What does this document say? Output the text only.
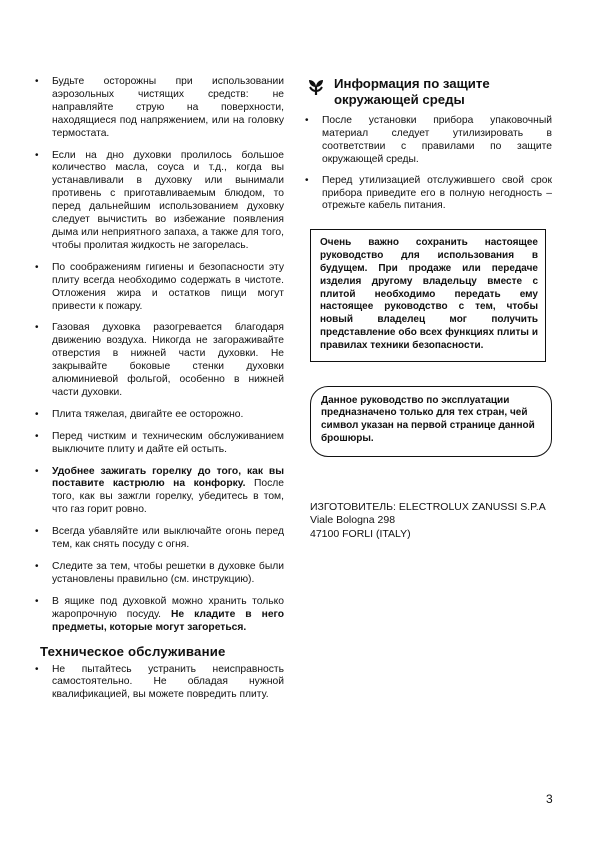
• Будьте осторожны при использовании аэрозольных чистящих средств: не направляйте струю на поверхности, находящиеся под напряжением, или на головку термостата.
• Если на дно духовки пролилось большое количество масла, соуса и т.д., когда вы устанавливали в духовку или вынимали противень с приготавливаемым блюдом, то перед дальнейшим использованием духовку следует вычистить во избежание появления дыма или неприятного запаха, а также для того, чтобы пролитая жидкость не загорелась.
• По соображениям гигиены и безопасности эту плиту всегда необходимо содержать в чистоте. Отложения жира и остатков пищи могут привести к пожару.
• Газовая духовка разогревается благодаря движению воздуха. Никогда не загораживайте отверстия в нижней части духовки. Не закрывайте боковые стенки духовки алюминиевой фольгой, особенно в нижней части духовки.
• Плита тяжелая, двигайте ее осторожно.
• Перед чистким и техническим обслуживанием выключите плиту и дайте ей остыть.
• Удобнее зажигать горелку до того, как вы поставите кастрюлю на конфорку. После того, как вы зажгли горелку, убедитесь в том, что газ горит ровно.
• Всегда убавляйте или выключайте огонь перед тем, как снять посуду с огня.
• Следите за тем, чтобы решетки в духовке были установлены правильно (см. инструкцию).
• В ящике под духовкой можно хранить только жаропрочную посуду. Не кладите в него предметы, которые могут загореться.
Техническое обслуживание
• Не пытайтесь устранить неисправность самостоятельно. Не обладая нужной квалификацией, вы можете повредить плиту.
Информация по защите окружающей среды
• После установки прибора упаковочный материал следует утилизировать в соответствии с правилами по защите окружающей среды.
• Перед утилизацией отслужившего свой срок прибора приведите его в полную негодность – отрежьте кабель питания.
Очень важно сохранить настоящее руководство для использования в будущем. При продаже или передаче изделия другому владельцу вместе с плитой необходимо передать ему настоящее руководство с тем, чтобы новый владелец мог получить представление обо всех функциях плиты и правилах техники безопасности.
Данное руководство по эксплуатации предназначено только для тех стран, чей символ указан на первой странице данной брошюры.
ИЗГОТОВИТЕЛЬ: ELECTROLUX ZANUSSI S.P.A
Viale Bologna 298
47100 FORLI (ITALY)
3
